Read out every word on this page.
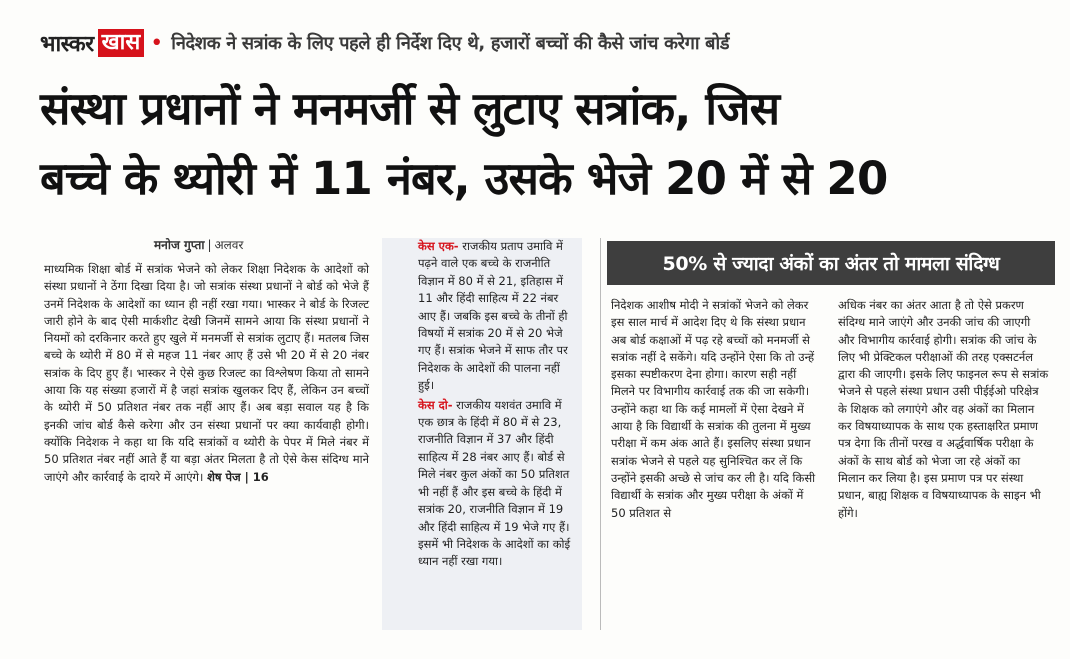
भास्कर खास • निदेशक ने सत्रांक के लिए पहले ही निर्देश दिए थे, हजारों बच्चों की कैसे जांच करेगा बोर्ड
संस्था प्रधानों ने मनमर्जी से लुटाए सत्रांक, जिस
बच्चे के थ्योरी में 11 नंबर, उसके भेजे 20 में से 20
मनोज गुप्ता | अलवर

माध्यमिक शिक्षा बोर्ड में सत्रांक भेजने को लेकर शिक्षा निदेशक के आदेशों को संस्था प्रधानों ने ठेंगा दिखा दिया है। जो सत्रांक संस्था प्रधानों ने बोर्ड को भेजे हैं उनमें निदेशक के आदेशों का ध्यान ही नहीं रखा गया। भास्कर ने बोर्ड के रिजल्ट जारी होने के बाद ऐसी मार्कशीट देखी जिनमें सामने आया कि संस्था प्रधानों ने नियमों को दरकिनार करते हुए खुले में मनमर्जी से सत्रांक लुटाए हैं। मतलब जिस बच्चे के थ्योरी में 80 में से महज 11 नंबर आए हैं उसे भी 20 में से 20 नंबर सत्रांक के दिए हुए हैं। भास्कर ने ऐसे कुछ रिजल्ट का विश्लेषण किया तो सामने आया कि यह संख्या हजारों में है जहां सत्रांक खुलकर दिए हैं, लेकिन उन बच्चों के थ्योरी में 50 प्रतिशत नंबर तक नहीं आए हैं। अब बड़ा सवाल यह है कि इनकी जांच बोर्ड कैसे करेगा और उन संस्था प्रधानों पर क्या कार्यवाही होगी। क्योंकि निदेशक ने कहा था कि यदि सत्रांकों व थ्योरी के पेपर में मिले नंबर में 50 प्रतिशत नंबर नहीं आते हैं या बड़ा अंतर मिलता है तो ऐसे केस संदिग्ध माने जाएंगे और कार्रवाई के दायरे में आएंगे। शेष पेज | 16

केस एक- राजकीय प्रताप उमावि में पढ़ने वाले एक बच्चे के राजनीति विज्ञान में 80 में से 21, इतिहास में 11 और हिंदी साहित्य में 22 नंबर आए हैं। जबकि इस बच्चे के तीनों ही विषयों में सत्रांक 20 में से 20 भेजे गए हैं। सत्रांक भेजने में साफ तौर पर निदेशक के आदेशों की पालना नहीं हुई।

केस दो- राजकीय यशवंत उमावि में एक छात्र के हिंदी में 80 में से 23, राजनीति विज्ञान में 37 और हिंदी साहित्य में 28 नंबर आए हैं। बोर्ड से मिले नंबर कुल अंकों का 50 प्रतिशत भी नहीं हैं और इस बच्चे के हिंदी में सत्रांक 20, राजनीति विज्ञान में 19 और हिंदी साहित्य में 19 भेजे गए हैं। इसमें भी निदेशक के आदेशों का कोई ध्यान नहीं रखा गया।

50% से ज्यादा अंकों का अंतर तो मामला संदिग्ध

निदेशक आशीष मोदी ने सत्रांकों भेजने को लेकर इस साल मार्च में आदेश दिए थे कि संस्था प्रधान अब बोर्ड कक्षाओं में पढ़ रहे बच्चों को मनमर्जी से सत्रांक नहीं दे सकेंगे। यदि उन्होंने ऐसा कि तो उन्हें इसका स्पष्टीकरण देना होगा। कारण सही नहीं मिलने पर विभागीय कार्रवाई तक की जा सकेगी। उन्होंने कहा था कि कई मामलों में ऐसा देखने में आया है कि विद्यार्थी के सत्रांक की तुलना में मुख्य परीक्षा में कम अंक आते हैं। इसलिए संस्था प्रधान सत्रांक भेजने से पहले यह सुनिश्चित कर लें कि उन्होंने इसकी अच्छे से जांच कर ली है। यदि किसी विद्यार्थी के सत्रांक और मुख्य परीक्षा के अंकों में 50 प्रतिशत से

अधिक नंबर का अंतर आता है तो ऐसे प्रकरण संदिग्ध माने जाएंगे और उनकी जांच की जाएगी और विभागीय कार्रवाई होगी। सत्रांक की जांच के लिए भी प्रेक्टिकल परीक्षाओं की तरह एक्सटर्नल द्वारा की जाएगी। इसके लिए फाइनल रूप से सत्रांक भेजने से पहले संस्था प्रधान उसी पीईईओ परिक्षेत्र के शिक्षक को लगाएंगे और वह अंकों का मिलान कर विषयाध्यापक के साथ एक हस्ताक्षरित प्रमाण पत्र देगा कि तीनों परख व अर्द्धवार्षिक परीक्षा के अंकों के साथ बोर्ड को भेजा जा रहे अंकों का मिलान कर लिया है। इस प्रमाण पत्र पर संस्था प्रधान, बाह्य शिक्षक व विषयाध्यापक के साइन भी होंगे।
